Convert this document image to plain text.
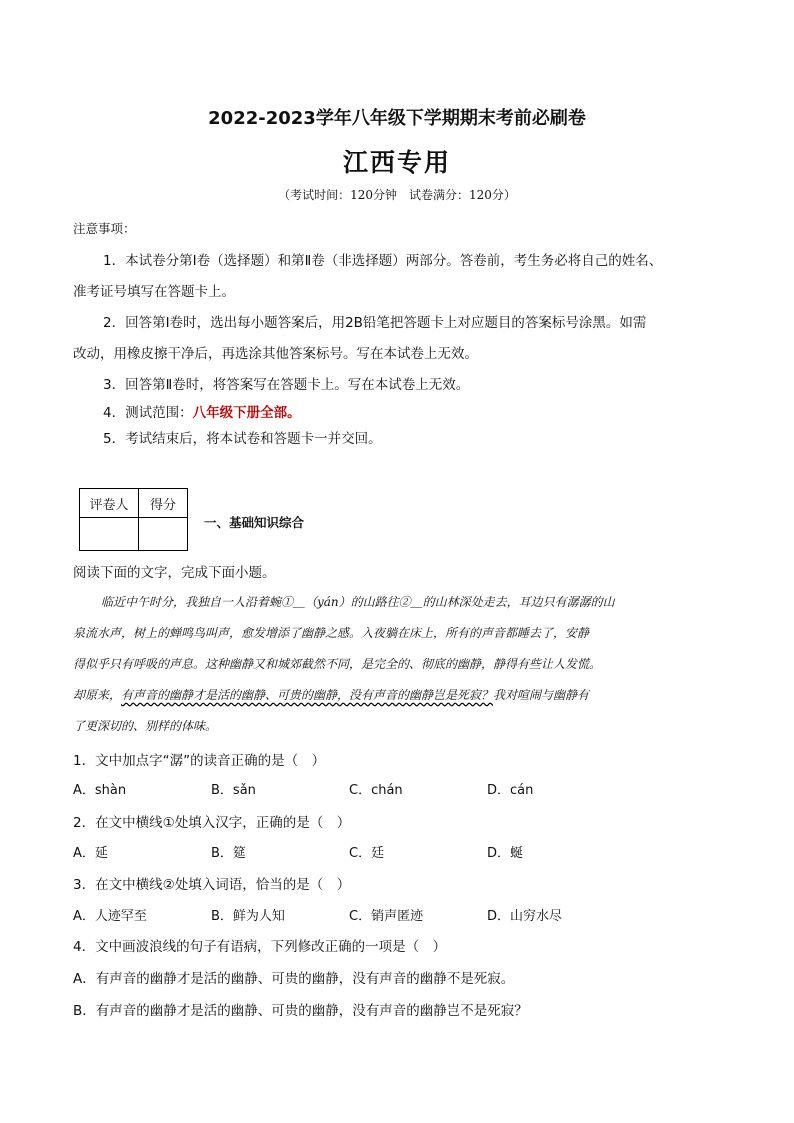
2022-2023学年八年级下学期期末考前必刷卷
江西专用
（考试时间：120分钟　试卷满分：120分）
注意事项：
1．本试卷分第Ⅰ卷（选择题）和第Ⅱ卷（非选择题）两部分。答卷前，考生务必将自己的姓名、
准考证号填写在答题卡上。
2．回答第Ⅰ卷时，选出每小题答案后，用2B铅笔把答题卡上对应题目的答案标号涂黑。如需
改动，用橡皮擦干净后，再选涂其他答案标号。写在本试卷上无效。
3．回答第Ⅱ卷时，将答案写在答题卡上。写在本试卷上无效。
4．测试范围：八年级下册全部。
5．考试结束后，将本试卷和答题卡一并交回。
评卷人	得分

一、基础知识综合
阅读下面的文字，完成下面小题。
临近中午时分，我独自一人沿着蜿①＿（yán）的山路往②＿的山林深处走去，耳边只有潺潺的山
泉流水声，树上的蝉鸣鸟叫声，愈发增添了幽静之感。入夜躺在床上，所有的声音都睡去了，安静
得似乎只有呼吸的声息。这种幽静又和城郊截然不同，是完全的、彻底的幽静，静得有些让人发慌。
却原来，有声音的幽静才是活的幽静、可贵的幽静，没有声音的幽静岂是死寂？我对喧闹与幽静有
了更深切的、别样的体味。
1．文中加点字“潺”的读音正确的是（　）
A．shàn	B．sǎn	C．chán	D．cán
2．在文中横线①处填入汉字，正确的是（　）
A．延	B．筵	C．廷	D．蜒
3．在文中横线②处填入词语，恰当的是（　）
A．人迹罕至	B．鲜为人知	C．销声匿迹	D．山穷水尽
4．文中画波浪线的句子有语病，下列修改正确的一项是（　）
A．有声音的幽静才是活的幽静、可贵的幽静，没有声音的幽静不是死寂。
B．有声音的幽静才是活的幽静、可贵的幽静，没有声音的幽静岂不是死寂？
